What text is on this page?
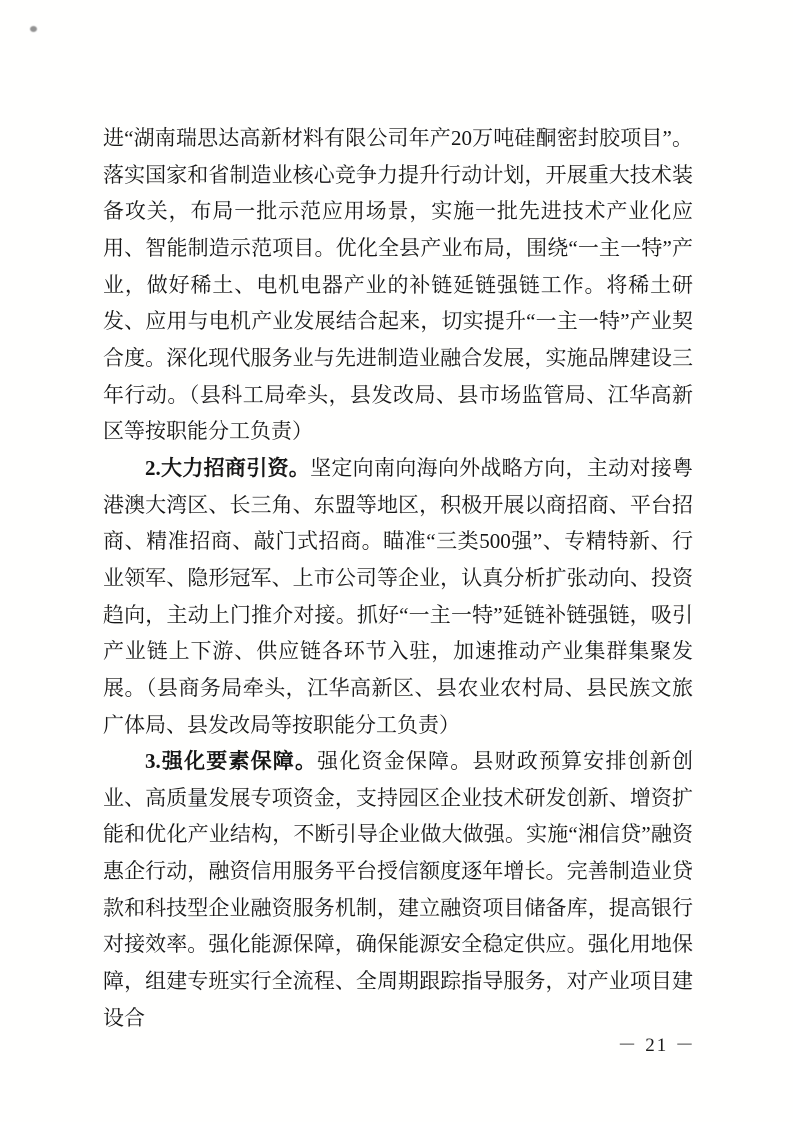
进“湖南瑞思达高新材料有限公司年产20万吨硅酮密封胶项目”。落实国家和省制造业核心竞争力提升行动计划，开展重大技术装备攻关，布局一批示范应用场景，实施一批先进技术产业化应用、智能制造示范项目。优化全县产业布局，围绕“一主一特”产业，做好稀土、电机电器产业的补链延链强链工作。将稀土研发、应用与电机产业发展结合起来，切实提升“一主一特”产业契合度。深化现代服务业与先进制造业融合发展，实施品牌建设三年行动。（县科工局牵头，县发改局、县市场监管局、江华高新区等按职能分工负责）

2.大力招商引资。坚定向南向海向外战略方向，主动对接粤港澳大湾区、长三角、东盟等地区，积极开展以商招商、平台招商、精准招商、敲门式招商。瞄准“三类500强”、专精特新、行业领军、隐形冠军、上市公司等企业，认真分析扩张动向、投资趋向，主动上门推介对接。抓好“一主一特”延链补链强链，吸引产业链上下游、供应链各环节入驻，加速推动产业集群集聚发展。（县商务局牵头，江华高新区、县农业农村局、县民族文旅广体局、县发改局等按职能分工负责）

3.强化要素保障。强化资金保障。县财政预算安排创新创业、高质量发展专项资金，支持园区企业技术研发创新、增资扩能和优化产业结构，不断引导企业做大做强。实施“湘信贷”融资惠企行动，融资信用服务平台授信额度逐年增长。完善制造业贷款和科技型企业融资服务机制，建立融资项目储备库，提高银行对接效率。强化能源保障，确保能源安全稳定供应。强化用地保障，组建专班实行全流程、全周期跟踪指导服务，对产业项目建设合

－ 21 －
